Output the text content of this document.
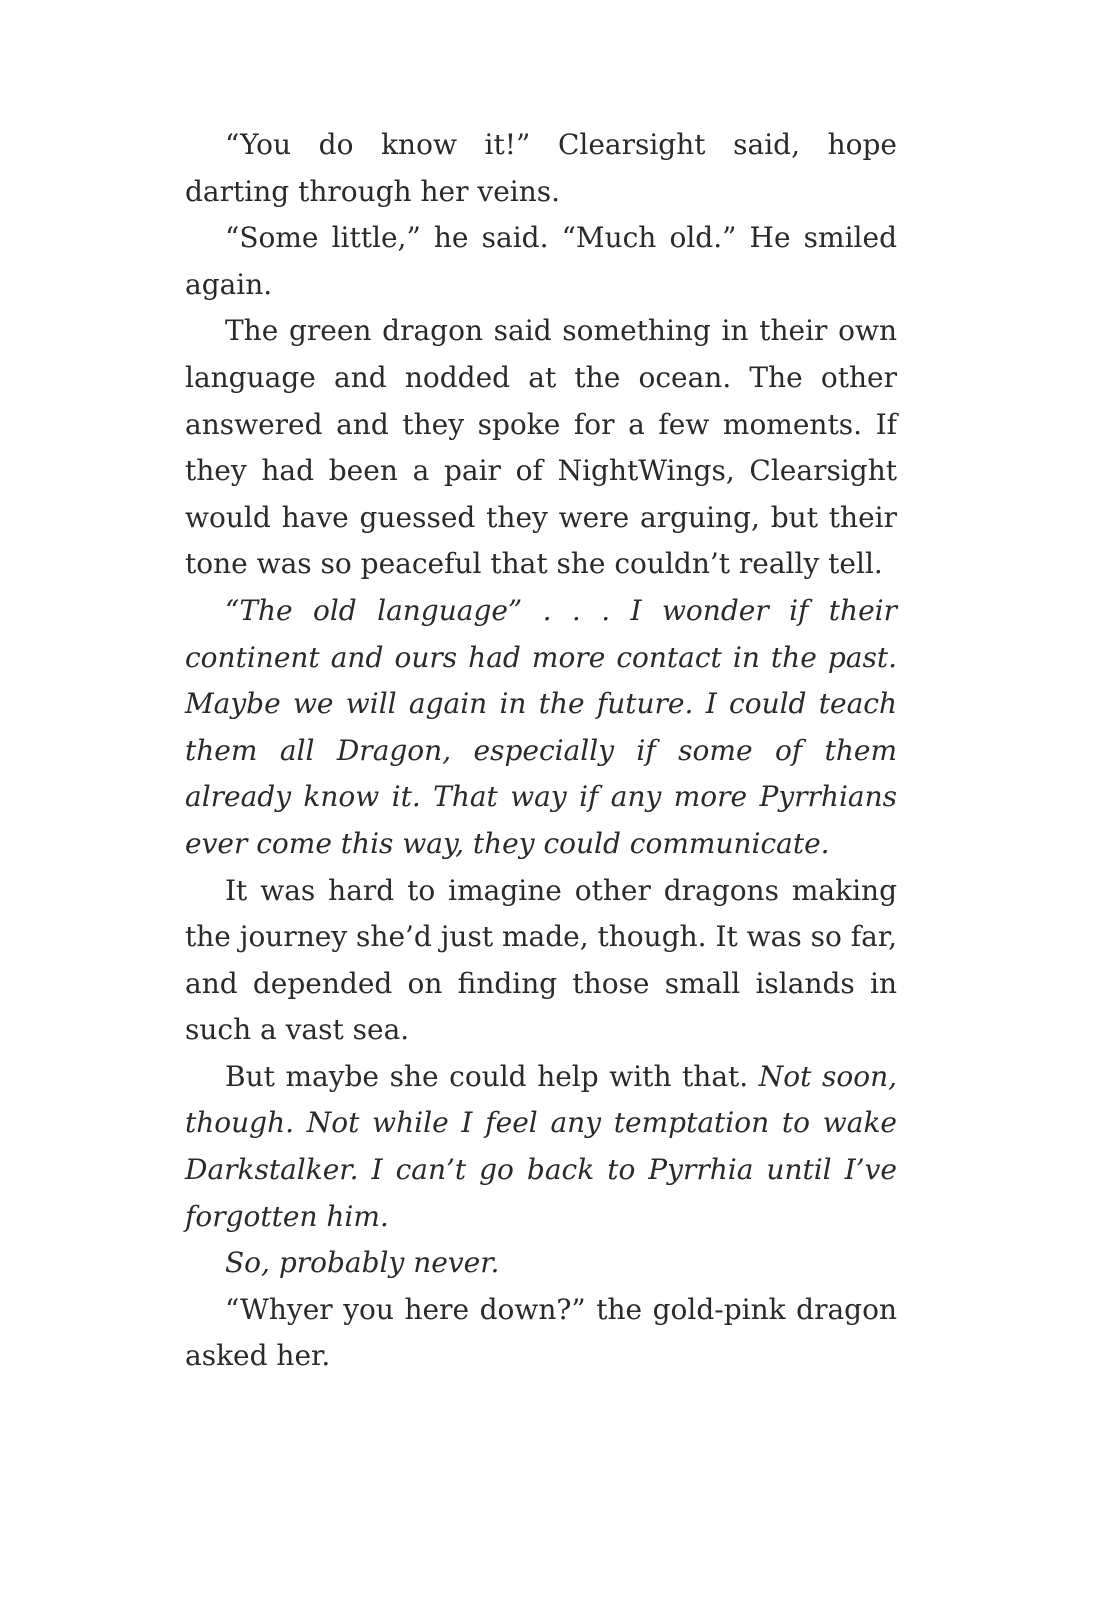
“You do know it!” Clearsight said, hope darting through her veins.

“Some little,” he said. “Much old.” He smiled again.

The green dragon said something in their own language and nodded at the ocean. The other answered and they spoke for a few moments. If they had been a pair of NightWings, Clearsight would have guessed they were arguing, but their tone was so peaceful that she couldn’t really tell.

“The old language” . . . I wonder if their continent and ours had more contact in the past. Maybe we will again in the future. I could teach them all Dragon, especially if some of them already know it. That way if any more Pyrrhians ever come this way, they could communicate.

It was hard to imagine other dragons making the journey she’d just made, though. It was so far, and depended on finding those small islands in such a vast sea.

But maybe she could help with that. Not soon, though. Not while I feel any temptation to wake Darkstalker. I can’t go back to Pyrrhia until I’ve forgotten him.

So, probably never.

“Whyer you here down?” the gold-pink dragon asked her.
